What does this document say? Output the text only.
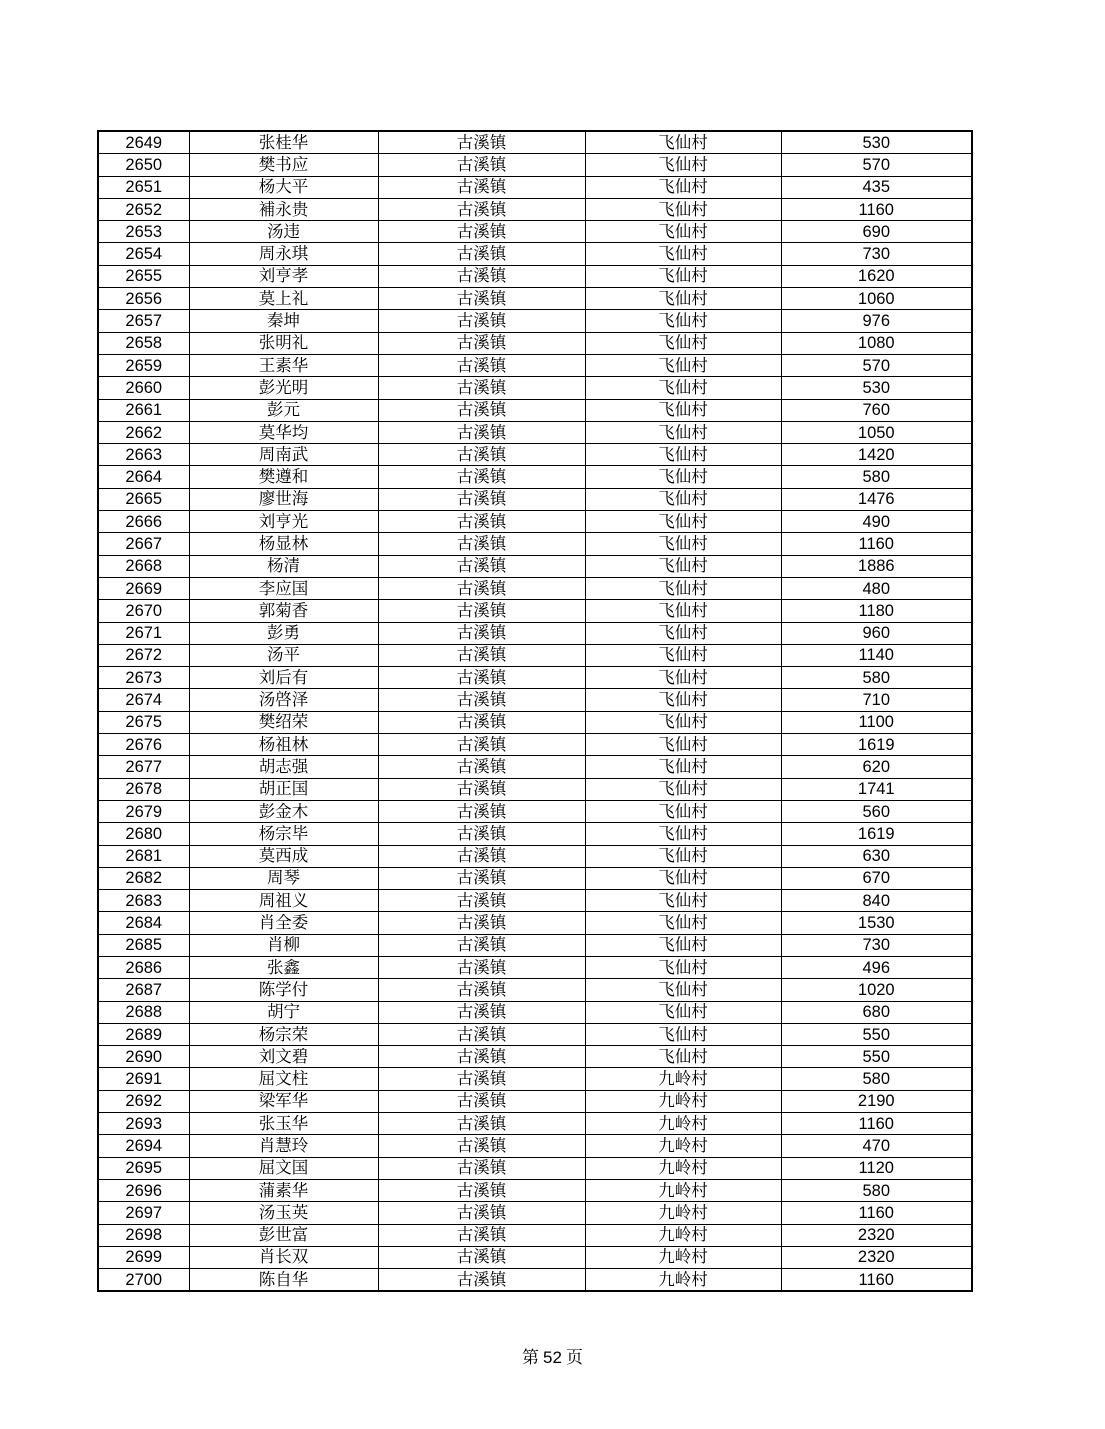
2649	张桂华	古溪镇	飞仙村	530
2650	樊书应	古溪镇	飞仙村	570
2651	杨大平	古溪镇	飞仙村	435
2652	補永贵	古溪镇	飞仙村	1160
2653	汤违	古溪镇	飞仙村	690
2654	周永琪	古溪镇	飞仙村	730
2655	刘亨孝	古溪镇	飞仙村	1620
2656	莫上礼	古溪镇	飞仙村	1060
2657	秦坤	古溪镇	飞仙村	976
2658	张明礼	古溪镇	飞仙村	1080
2659	王素华	古溪镇	飞仙村	570
2660	彭光明	古溪镇	飞仙村	530
2661	彭元	古溪镇	飞仙村	760
2662	莫华均	古溪镇	飞仙村	1050
2663	周南武	古溪镇	飞仙村	1420
2664	樊遵和	古溪镇	飞仙村	580
2665	廖世海	古溪镇	飞仙村	1476
2666	刘亨光	古溪镇	飞仙村	490
2667	杨显林	古溪镇	飞仙村	1160
2668	杨清	古溪镇	飞仙村	1886
2669	李应国	古溪镇	飞仙村	480
2670	郭菊香	古溪镇	飞仙村	1180
2671	彭勇	古溪镇	飞仙村	960
2672	汤平	古溪镇	飞仙村	1140
2673	刘后有	古溪镇	飞仙村	580
2674	汤啓泽	古溪镇	飞仙村	710
2675	樊绍荣	古溪镇	飞仙村	1100
2676	杨祖林	古溪镇	飞仙村	1619
2677	胡志强	古溪镇	飞仙村	620
2678	胡正国	古溪镇	飞仙村	1741
2679	彭金木	古溪镇	飞仙村	560
2680	杨宗毕	古溪镇	飞仙村	1619
2681	莫西成	古溪镇	飞仙村	630
2682	周琴	古溪镇	飞仙村	670
2683	周祖义	古溪镇	飞仙村	840
2684	肖全委	古溪镇	飞仙村	1530
2685	肖柳	古溪镇	飞仙村	730
2686	张鑫	古溪镇	飞仙村	496
2687	陈学付	古溪镇	飞仙村	1020
2688	胡宁	古溪镇	飞仙村	680
2689	杨宗荣	古溪镇	飞仙村	550
2690	刘文碧	古溪镇	飞仙村	550
2691	屈文柱	古溪镇	九岭村	580
2692	梁军华	古溪镇	九岭村	2190
2693	张玉华	古溪镇	九岭村	1160
2694	肖慧玲	古溪镇	九岭村	470
2695	屈文国	古溪镇	九岭村	1120
2696	蒲素华	古溪镇	九岭村	580
2697	汤玉英	古溪镇	九岭村	1160
2698	彭世富	古溪镇	九岭村	2320
2699	肖长双	古溪镇	九岭村	2320
2700	陈自华	古溪镇	九岭村	1160
第 52 页
